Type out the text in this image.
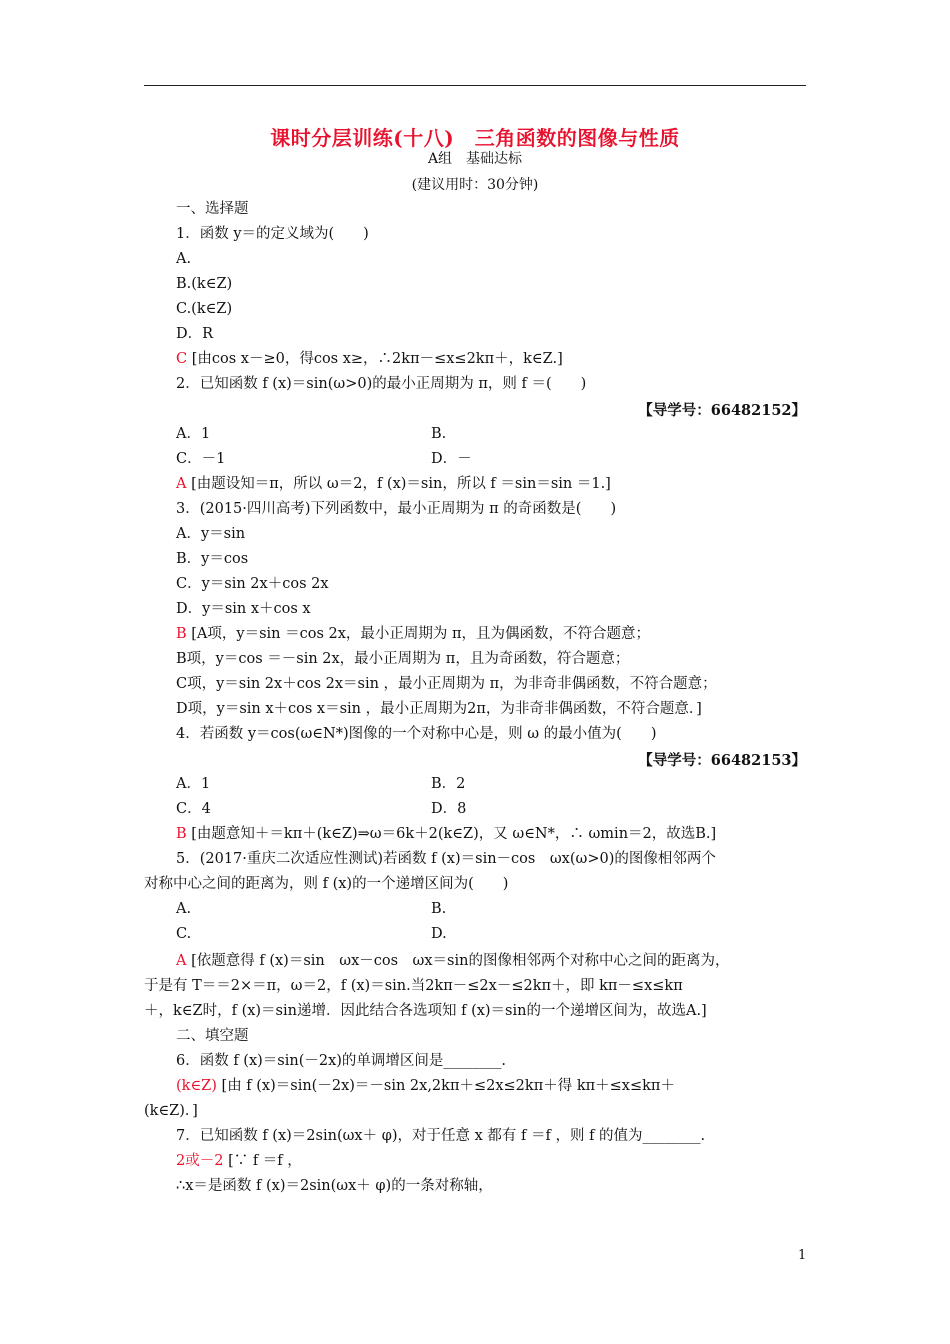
课时分层训练(十八)　三角函数的图像与性质
A组　基础达标
(建议用时：30分钟)
一、选择题
1．函数 y＝的定义域为(　　)
A.
B.(k∈Z)
C.(k∈Z)
D．R
C [由cos x－≥0，得cos x≥，∴2kπ－≤x≤2kπ＋，k∈Z.]
2．已知函数 f (x)＝sin(ω>0)的最小正周期为 π，则 f ＝(　　)
【导学号：66482152】
A．1	B.
C．－1	D．－
A [由题设知＝π，所以 ω＝2，f (x)＝sin，所以 f ＝sin＝sin ＝1.]
3．(2015·四川高考)下列函数中，最小正周期为 π 的奇函数是(　　)
A．y＝sin
B．y＝cos
C．y＝sin 2x＋cos 2x
D．y＝sin x＋cos x
B [A项，y＝sin ＝cos 2x，最小正周期为 π，且为偶函数，不符合题意；
B项，y＝cos ＝－sin 2x，最小正周期为 π，且为奇函数，符合题意；
C项，y＝sin 2x＋cos 2x＝sin ，最小正周期为 π，为非奇非偶函数，不符合题意；
D项，y＝sin x＋cos x＝sin ，最小正周期为2π，为非奇非偶函数，不符合题意．]
4．若函数 y＝cos(ω∈N*)图像的一个对称中心是，则 ω 的最小值为(　　)
【导学号：66482153】
A．1	B．2
C．4	D．8
B [由题意知＋＝kπ＋(k∈Z)⇒ω＝6k＋2(k∈Z)，又 ω∈N*，∴ ωmin＝2，故选B.]
5．(2017·重庆二次适应性测试)若函数 f (x)＝sin－cos　ωx(ω>0)的图像相邻两个
对称中心之间的距离为，则 f (x)的一个递增区间为(　　)
A.	B.
C.	D.
A [依题意得 f (x)＝sin　ωx－cos　ωx＝sin的图像相邻两个对称中心之间的距离为，
于是有 T＝＝2×＝π，ω＝2，f (x)＝sin.当2kπ－≤2x－≤2kπ＋，即 kπ－≤x≤kπ
＋，k∈Z时，f (x)＝sin递增．因此结合各选项知 f (x)＝sin的一个递增区间为，故选A.]
二、填空题
6．函数 f (x)＝sin(－2x)的单调增区间是________.
(k∈Z) [由 f (x)＝sin(－2x)＝－sin 2x,2kπ＋≤2x≤2kπ＋得 kπ＋≤x≤kπ＋
(k∈Z)．]
7．已知函数 f (x)＝2sin(ωx＋ φ)，对于任意 x 都有 f ＝f ，则 f 的值为________.
2或－2 [∵ f ＝f ，
∴x＝是函数 f (x)＝2sin(ωx＋ φ)的一条对称轴，
1
